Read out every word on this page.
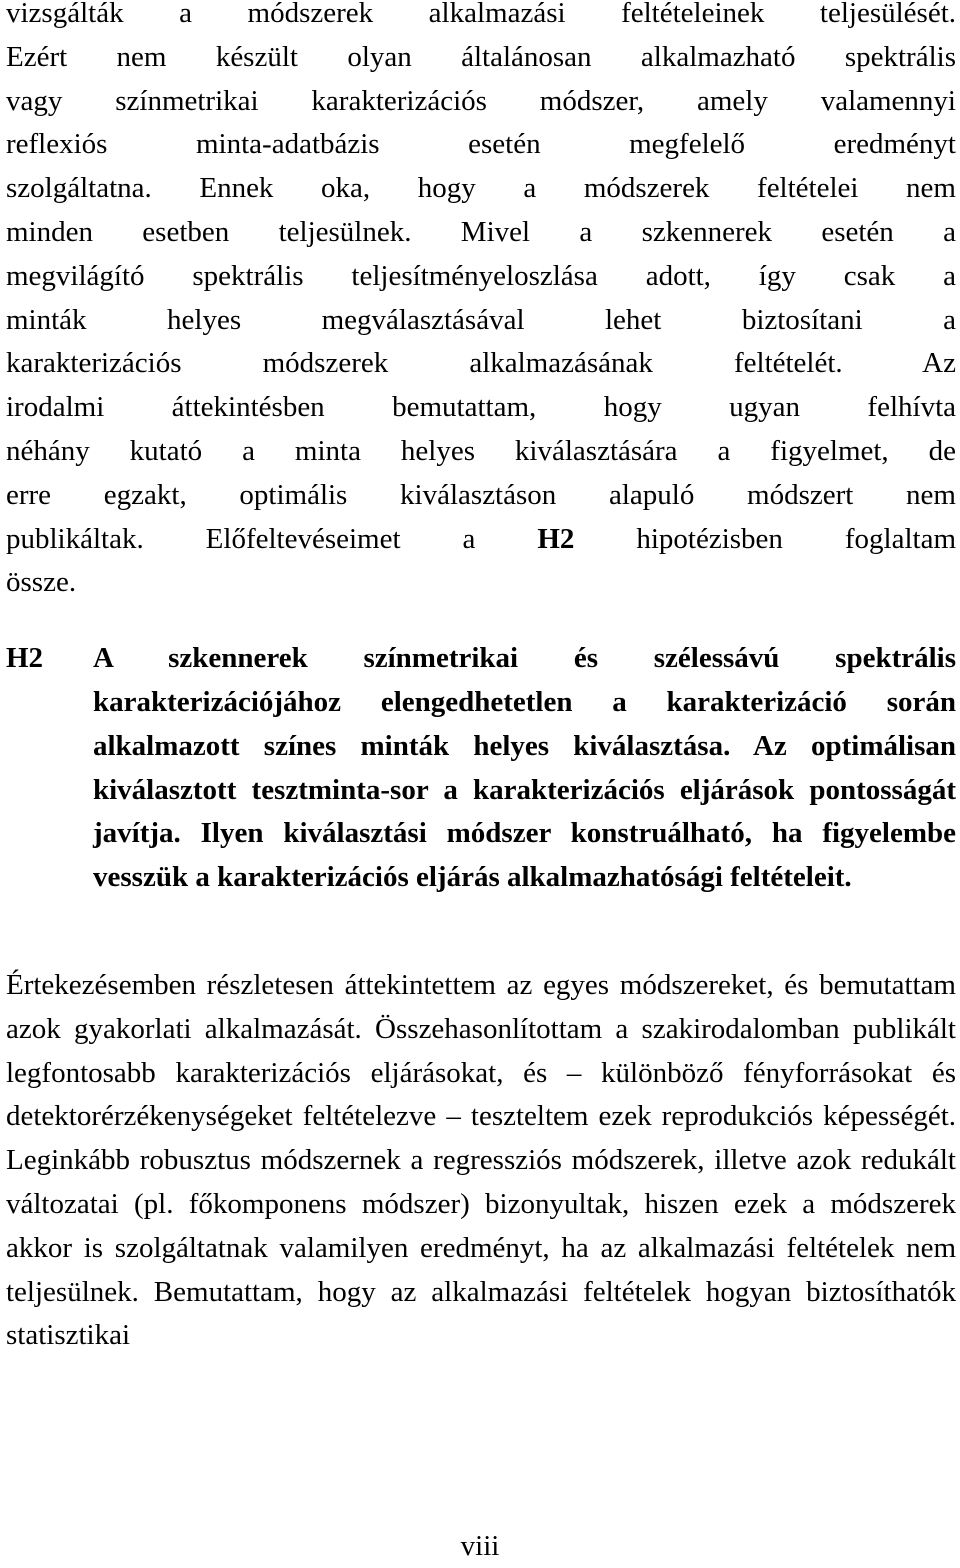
vizsgálták a módszerek alkalmazási feltételeinek teljesülését.
Ezért nem készült olyan általánosan alkalmazható spektrális
vagy színmetrikai karakterizációs módszer, amely valamennyi
reflexiós minta-adatbázis esetén megfelelő eredményt
szolgáltatna. Ennek oka, hogy a módszerek feltételei nem
minden esetben teljesülnek. Mivel a szkennerek esetén a
megvilágító spektrális teljesítményeloszlása adott, így csak a
minták helyes megválasztásával lehet biztosítani a
karakterizációs módszerek alkalmazásának feltételét. Az
irodalmi áttekintésben bemutattam, hogy ugyan felhívta
néhány kutató a minta helyes kiválasztására a figyelmet, de
erre egzakt, optimális kiválasztáson alapuló módszert nem
publikáltak. Előfeltevéseimet a H2 hipotézisben foglaltam
össze.
H2 A szkennerek színmetrikai és szélessávú spektrális karakterizációjához elengedhetetlen a karakterizáció során alkalmazott színes minták helyes kiválasztása. Az optimálisan kiválasztott tesztminta-sor a karakterizációs eljárások pontosságát javítja. Ilyen kiválasztási módszer konstruálható, ha figyelembe vesszük a karakterizációs eljárás alkalmazhatósági feltételeit.

Értekezésemben részletesen áttekintettem az egyes módszereket, és bemutattam azok gyakorlati alkalmazását. Összehasonlítottam a szakirodalomban publikált legfontosabb karakterizációs eljárásokat, és – különböző fényforrásokat és detektorérzékenységeket feltételezve – teszteltem ezek reprodukciós képességét. Leginkább robusztus módszernek a regressziós módszerek, illetve azok redukált változatai (pl. főkomponens módszer) bizonyultak, hiszen ezek a módszerek akkor is szolgáltatnak valamilyen eredményt, ha az alkalmazási feltételek nem teljesülnek. Bemutattam, hogy az alkalmazási feltételek hogyan biztosíthatók statisztikai

viii
